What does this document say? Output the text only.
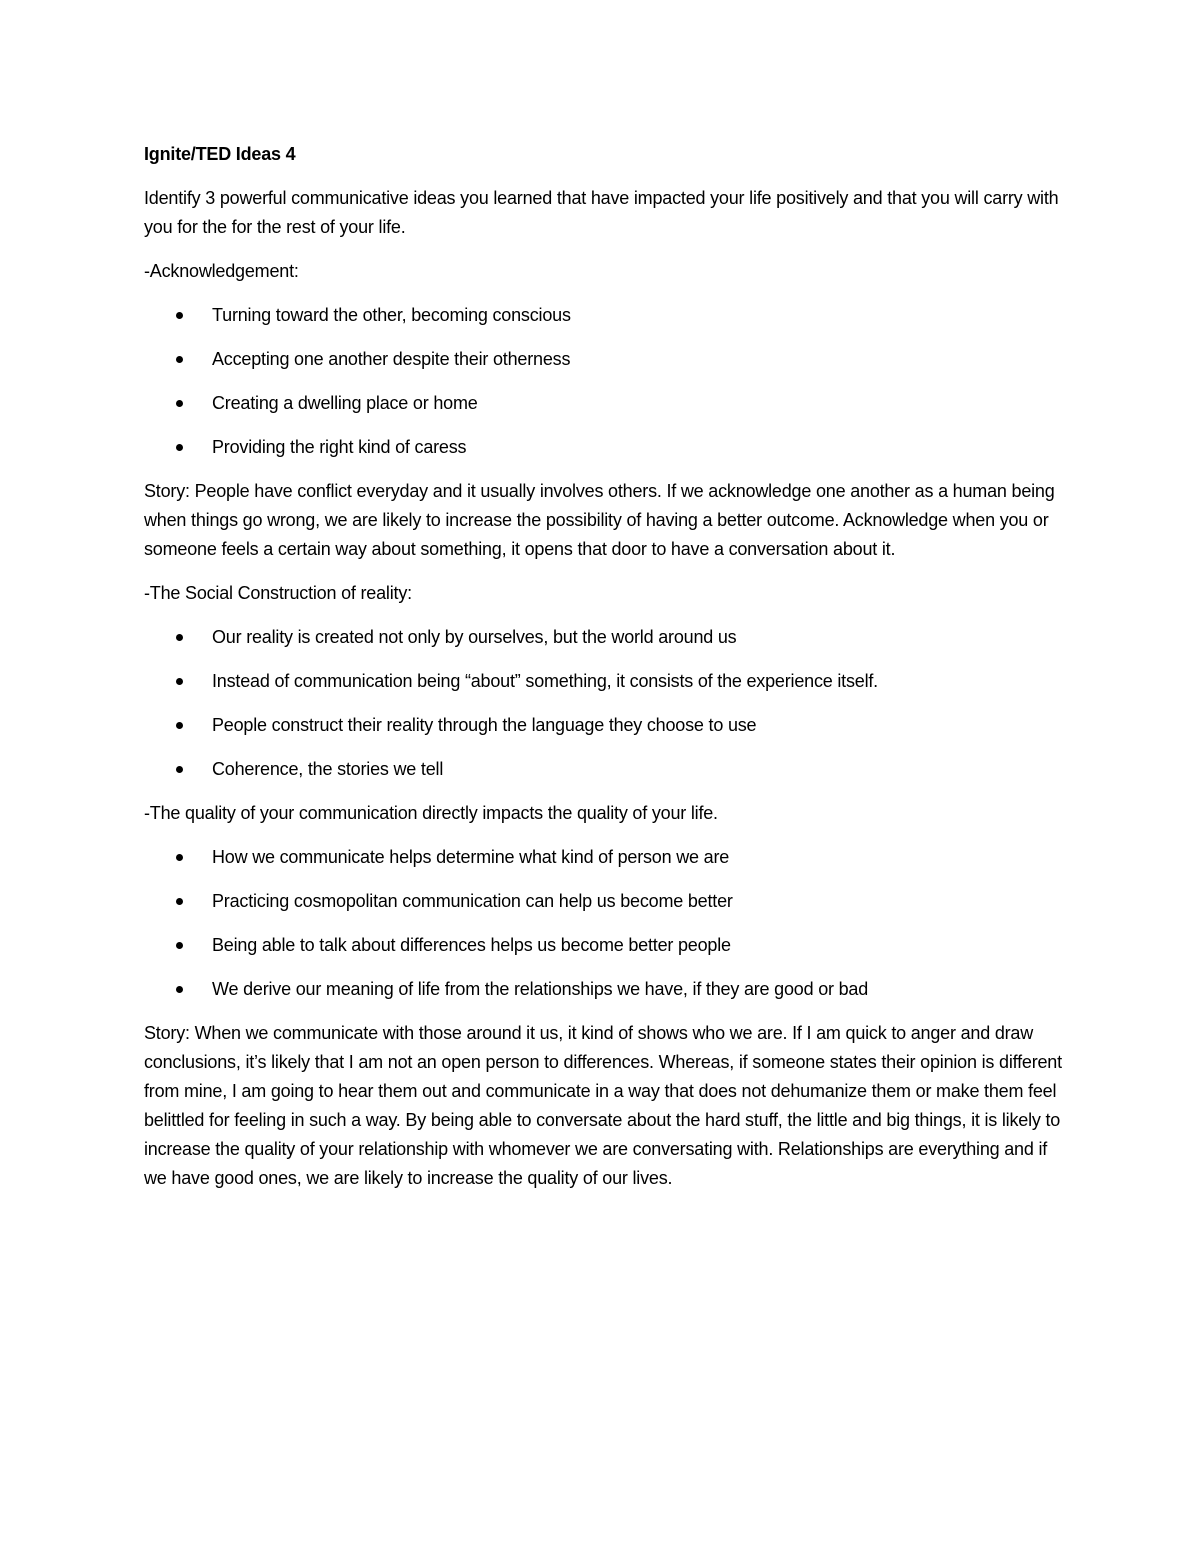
Ignite/TED Ideas 4

Identify 3 powerful communicative ideas you learned that have impacted your life positively and that you will carry with you for the for the rest of your life.

-Acknowledgement:

Turning toward the other, becoming conscious
Accepting one another despite their otherness
Creating a dwelling place or home
Providing the right kind of caress

Story: People have conflict everyday and it usually involves others. If we acknowledge one another as a human being when things go wrong, we are likely to increase the possibility of having a better outcome. Acknowledge when you or someone feels a certain way about something, it opens that door to have a conversation about it.

-The Social Construction of reality:

Our reality is created not only by ourselves, but the world around us
Instead of communication being “about” something, it consists of the experience itself.
People construct their reality through the language they choose to use
Coherence, the stories we tell

-The quality of your communication directly impacts the quality of your life.

How we communicate helps determine what kind of person we are
Practicing cosmopolitan communication can help us become better
Being able to talk about differences helps us become better people
We derive our meaning of life from the relationships we have, if they are good or bad

Story: When we communicate with those around it us, it kind of shows who we are. If I am quick to anger and draw conclusions, it’s likely that I am not an open person to differences. Whereas, if someone states their opinion is different from mine, I am going to hear them out and communicate in a way that does not dehumanize them or make them feel belittled for feeling in such a way. By being able to conversate about the hard stuff, the little and big things, it is likely to increase the quality of your relationship with whomever we are conversating with. Relationships are everything and if we have good ones, we are likely to increase the quality of our lives.
